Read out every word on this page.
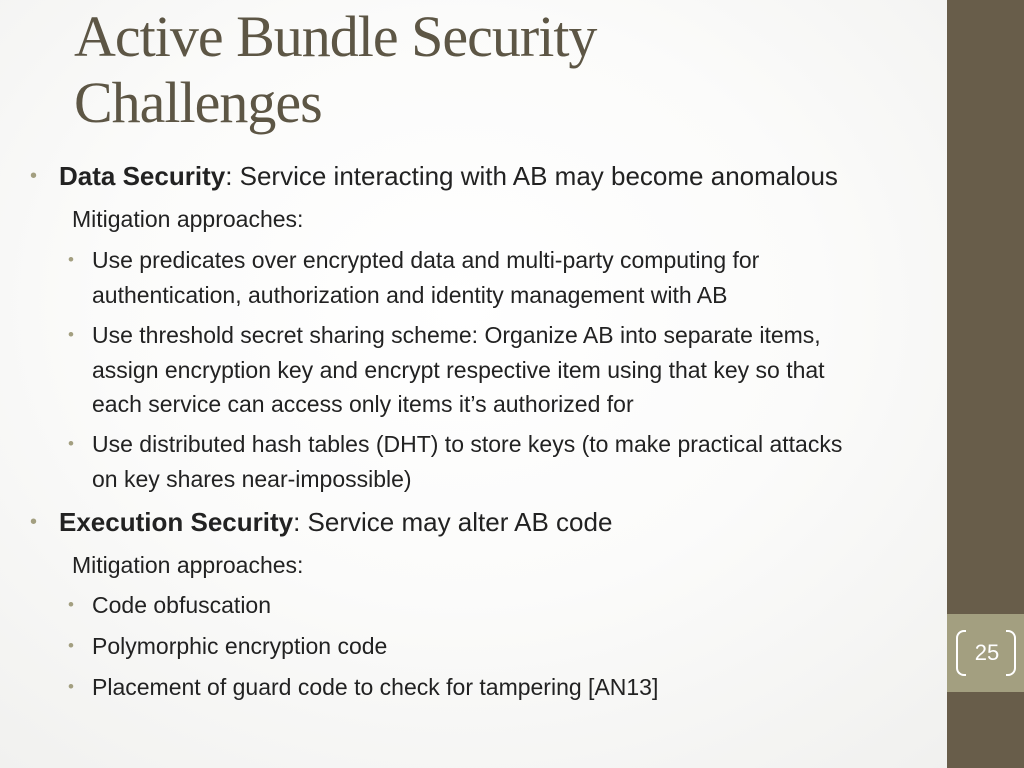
25
Active Bundle Security
Challenges
• Data Security: Service interacting with AB may become anomalous
Mitigation approaches:
• Use predicates over encrypted data and multi-party computing for
authentication, authorization and identity management with AB
• Use threshold secret sharing scheme: Organize AB into separate items,
assign encryption key and encrypt respective item using that key so that
each service can access only items it’s authorized for
• Use distributed hash tables (DHT) to store keys (to make practical attacks
on key shares near-impossible)
• Execution Security: Service may alter AB code
Mitigation approaches:
• Code obfuscation
• Polymorphic encryption code
• Placement of guard code to check for tampering [AN13]
